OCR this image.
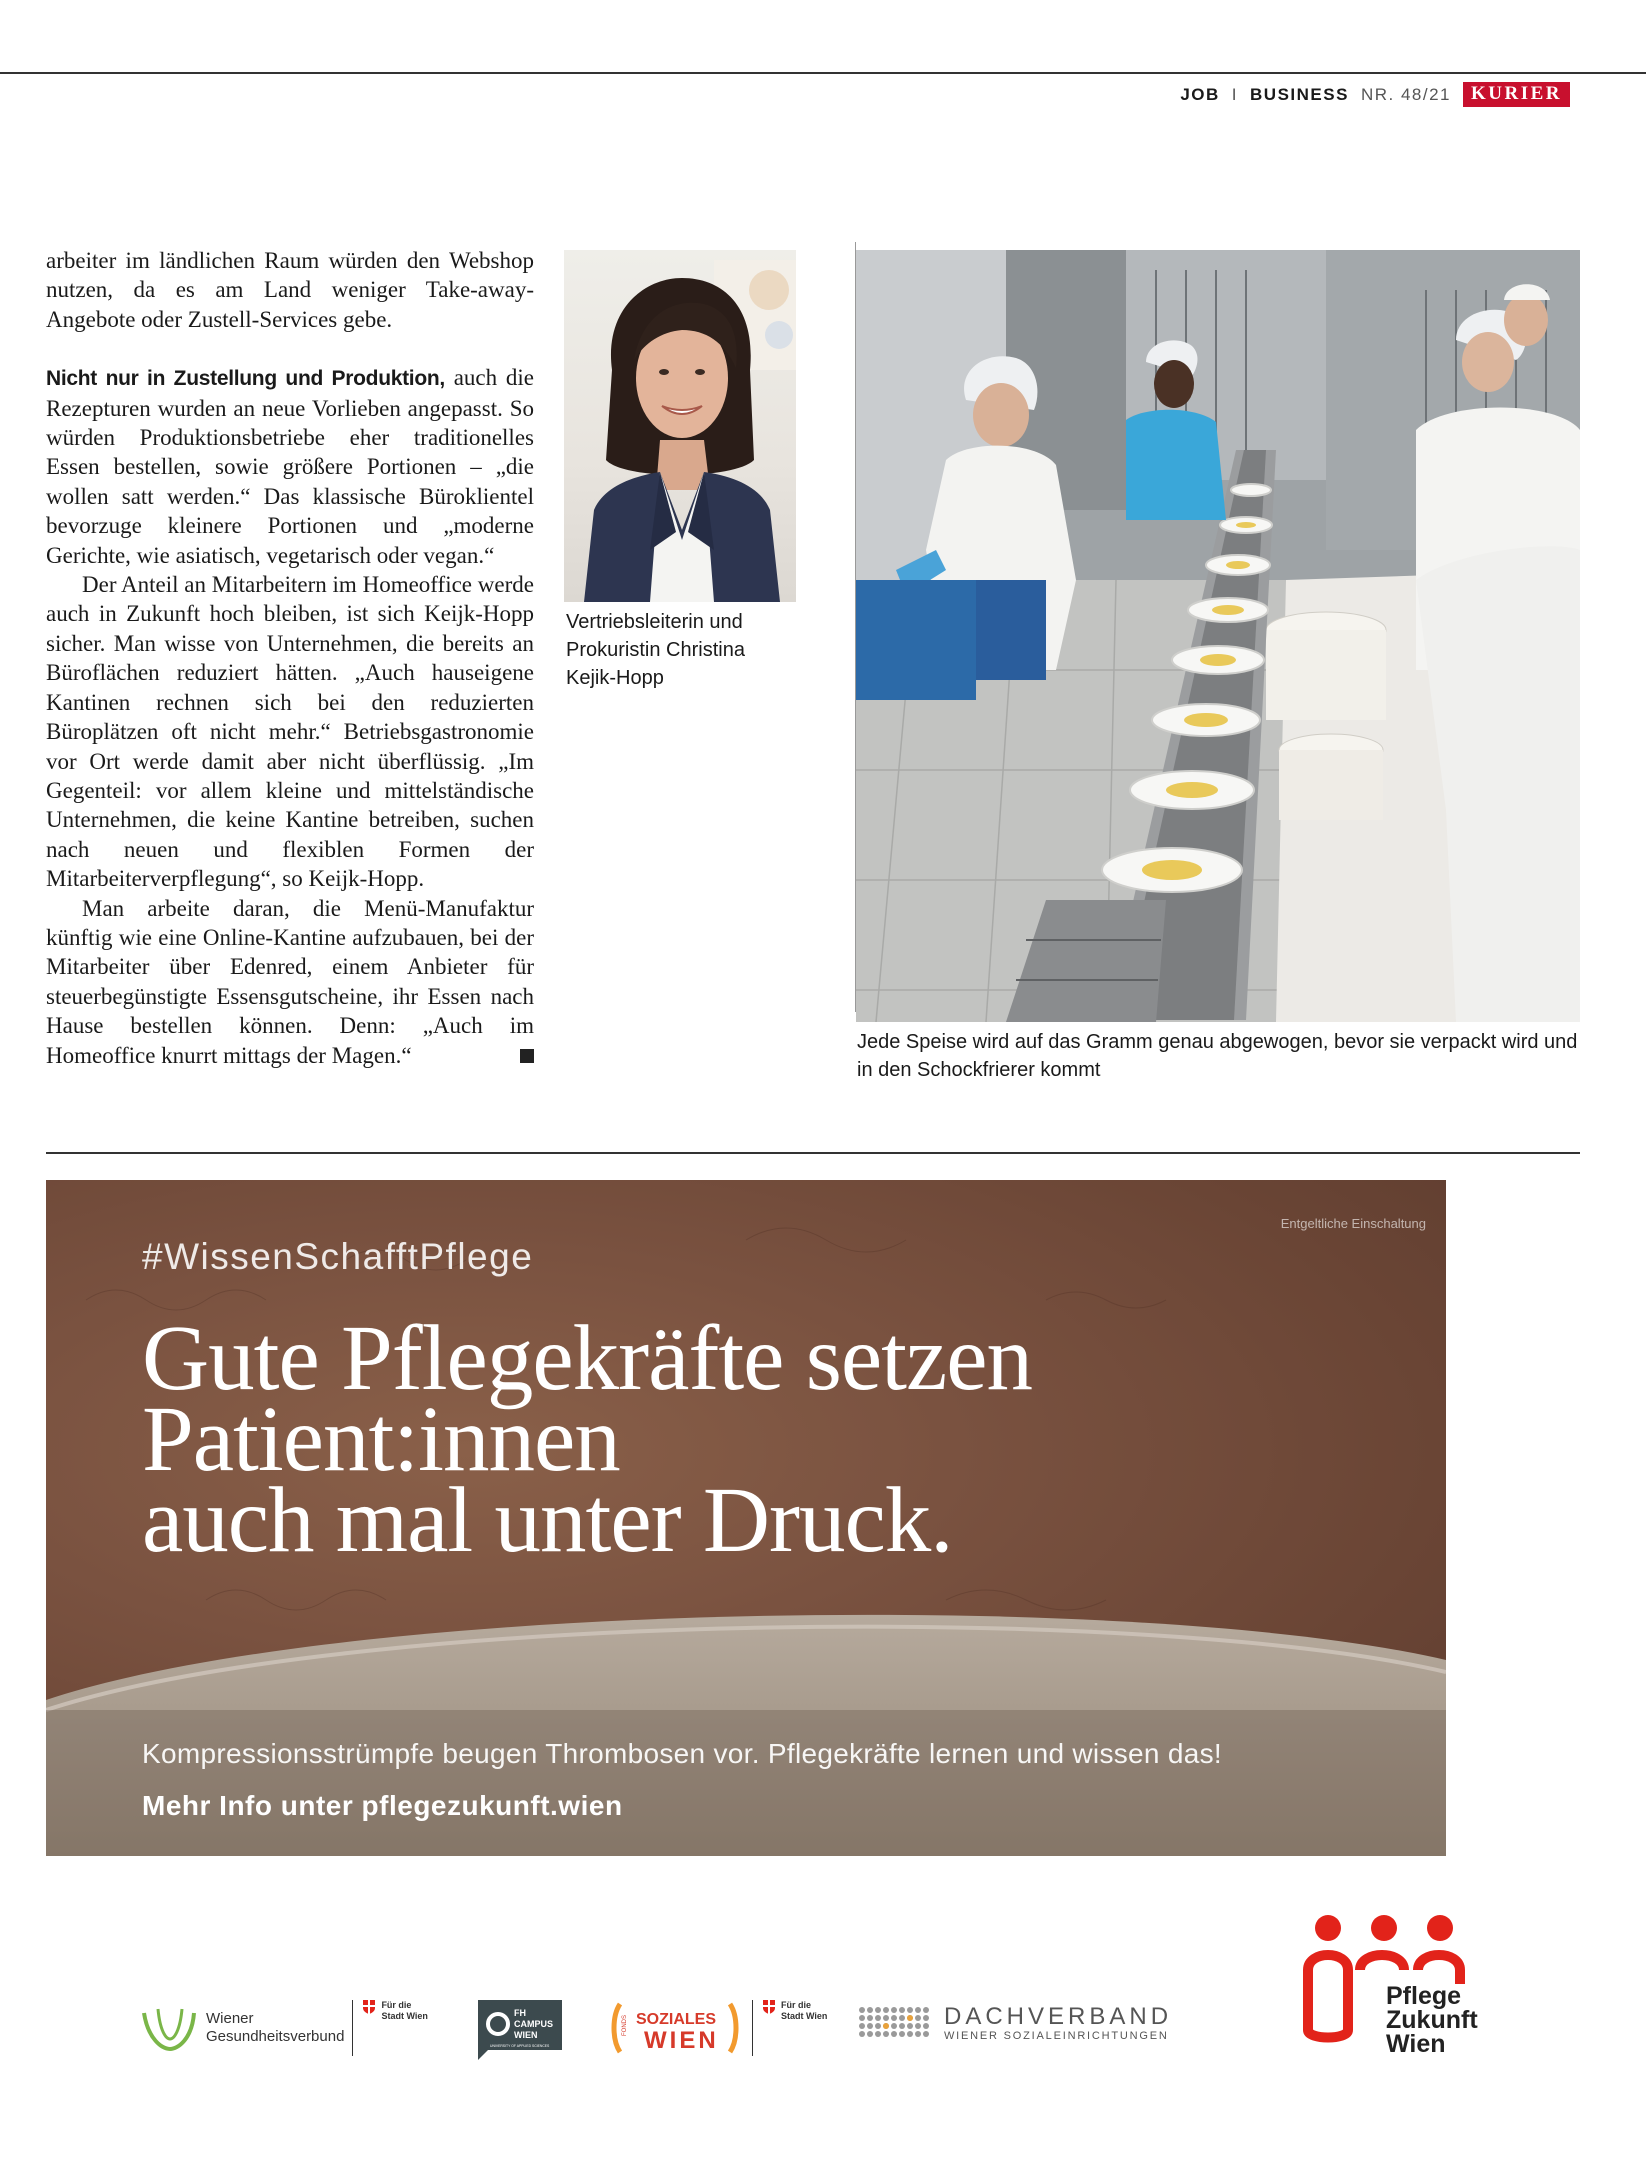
JOB I BUSINESS NR. 48/21	KURIER

arbeiter im ländlichen Raum würden den Webshop nutzen, da es am Land weniger Take-away-Angebote oder Zustell-Services gebe.

Nicht nur in Zustellung und Produktion, auch die Rezepturen wurden an neue Vorlieben angepasst. So würden Produktionsbetriebe eher traditionelles Essen bestellen, sowie größere Portionen – „die wollen satt werden.“ Das klassische Büroklientel bevorzuge kleinere Portionen und „moderne Gerichte, wie asiatisch, vegetarisch oder vegan.“

Der Anteil an Mitarbeitern im Homeoffice werde auch in Zukunft hoch bleiben, ist sich Keijk-Hopp sicher. Man wisse von Unternehmen, die bereits an Büroflächen reduziert hätten. „Auch hauseigene Kantinen rechnen sich bei den reduzierten Büroplätzen oft nicht mehr.“ Betriebsgastronomie vor Ort werde damit aber nicht überflüssig. „Im Gegenteil: vor allem kleine und mittelständische Unternehmen, die keine Kantine betreiben, suchen nach neuen und flexiblen Formen der Mitarbeiterverpflegung“, so Keijk-Hopp.

Man arbeite daran, die Menü-Manufaktur künftig wie eine Online-Kantine aufzubauen, bei der Mitarbeiter über Edenred, einem Anbieter für steuerbegünstigte Essensgutscheine, ihr Essen nach Hause bestellen können. Denn: „Auch im Homeoffice knurrt mittags der Magen.“

Vertriebsleiterin und Prokuristin Christina Kejik-Hopp
Jede Speise wird auf das Gramm genau abgewogen, bevor sie verpackt wird und in den Schockfrierer kommt
Entgeltliche Einschaltung
#WissenSchafftPflege
Gute Pflegekräfte setzen
Patient:innen
auch mal unter Druck.
Kompressionsstrümpfe beugen Thrombosen vor. Pflegekräfte lernen und wissen das!
Mehr Info unter pflegezukunft.wien
Wiener
Gesundheitsverbund
Für die
Stadt Wien	FH
CAMPUS
WIEN
UNIVERSITY OF APPLIED SCIENCES
FONDS SOZIALES
WIEN
Für die
Stadt Wien	DACHVERBAND
WIENER SOZIALEINRICHTUNGEN
Pflege
Zukunft
Wien
